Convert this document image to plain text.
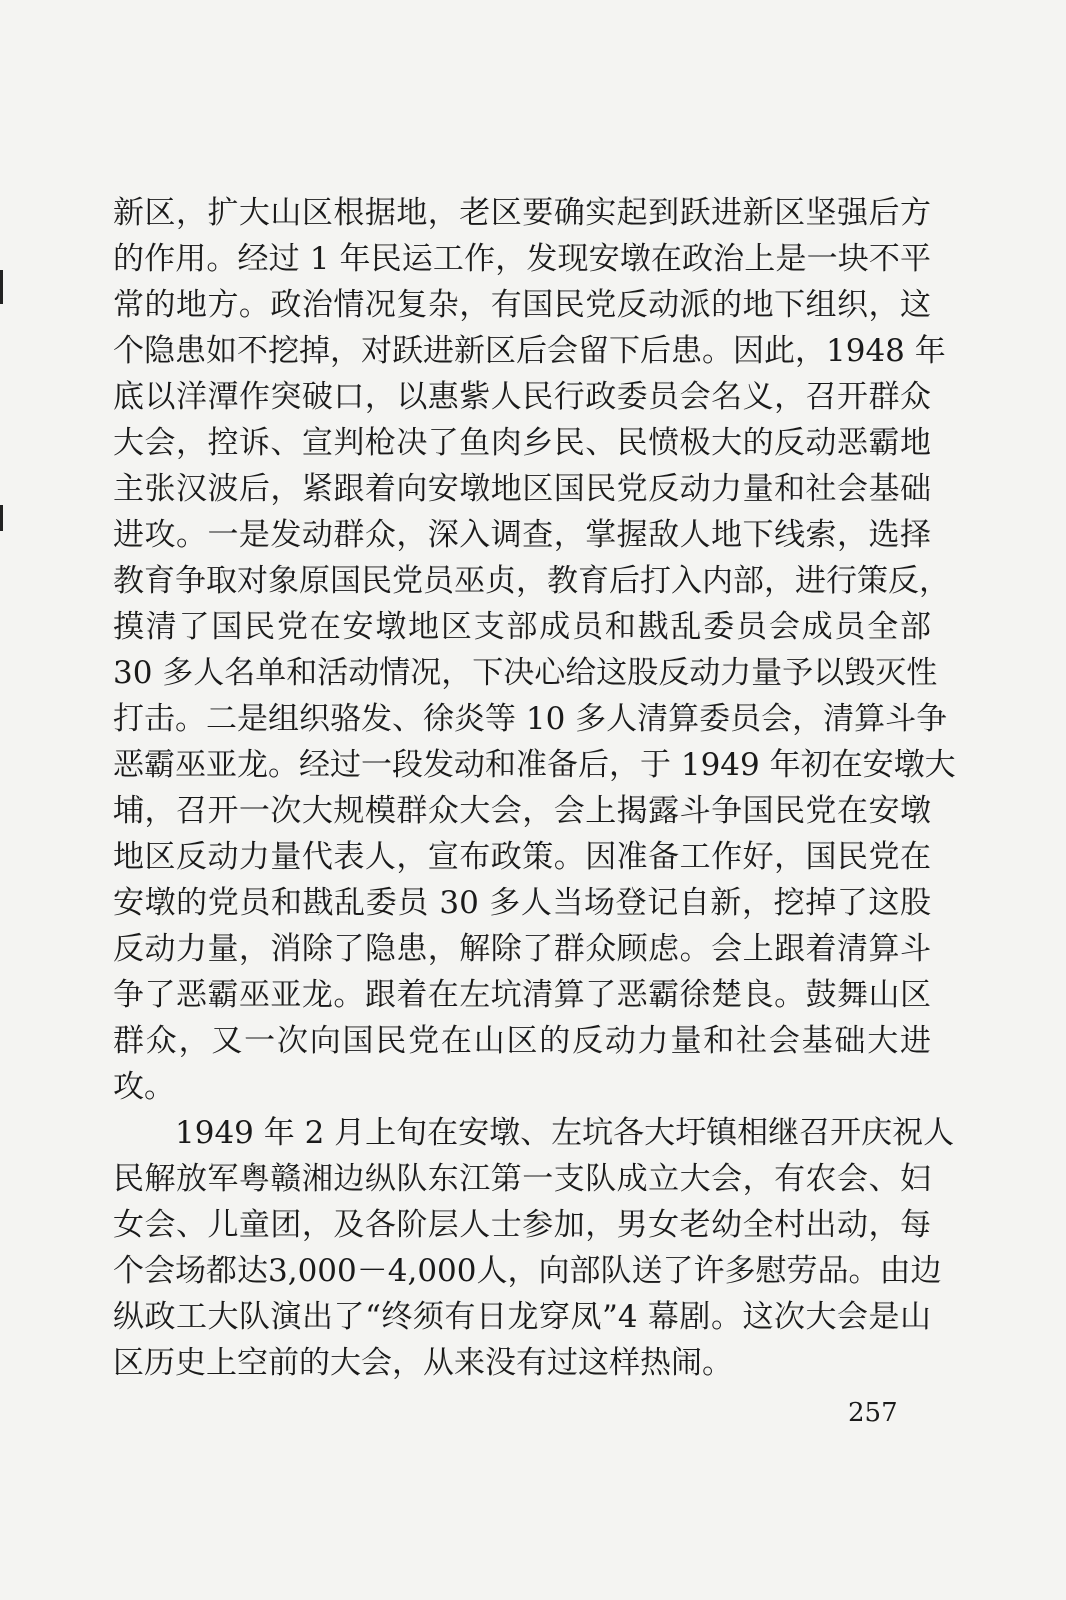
新区，扩大山区根据地，老区要确实起到跃进新区坚强后方
的作用。经过 1 年民运工作，发现安墩在政治上是一块不平
常的地方。政治情况复杂，有国民党反动派的地下组织，这
个隐患如不挖掉，对跃进新区后会留下后患。因此，1948 年
底以洋潭作突破口，以惠紫人民行政委员会名义，召开群众
大会，控诉、宣判枪决了鱼肉乡民、民愤极大的反动恶霸地
主张汉波后，紧跟着向安墩地区国民党反动力量和社会基础
进攻。一是发动群众，深入调查，掌握敌人地下线索，选择
教育争取对象原国民党员巫贞，教育后打入内部，进行策反，
摸清了国民党在安墩地区支部成员和戡乱委员会成员全部
30 多人名单和活动情况，下决心给这股反动力量予以毁灭性
打击。二是组织骆发、徐炎等 10 多人清算委员会，清算斗争
恶霸巫亚龙。经过一段发动和准备后，于 1949 年初在安墩大
埔，召开一次大规模群众大会，会上揭露斗争国民党在安墩
地区反动力量代表人，宣布政策。因准备工作好，国民党在
安墩的党员和戡乱委员 30 多人当场登记自新，挖掉了这股
反动力量，消除了隐患，解除了群众顾虑。会上跟着清算斗
争了恶霸巫亚龙。跟着在左坑清算了恶霸徐楚良。鼓舞山区
群众，又一次向国民党在山区的反动力量和社会基础大进
攻。
1949 年 2 月上旬在安墩、左坑各大圩镇相继召开庆祝人
民解放军粤赣湘边纵队东江第一支队成立大会，有农会、妇
女会、儿童团，及各阶层人士参加，男女老幼全村出动，每
个会场都达3,000－4,000人，向部队送了许多慰劳品。由边
纵政工大队演出了“终须有日龙穿凤”4 幕剧。这次大会是山
区历史上空前的大会，从来没有过这样热闹。
257
